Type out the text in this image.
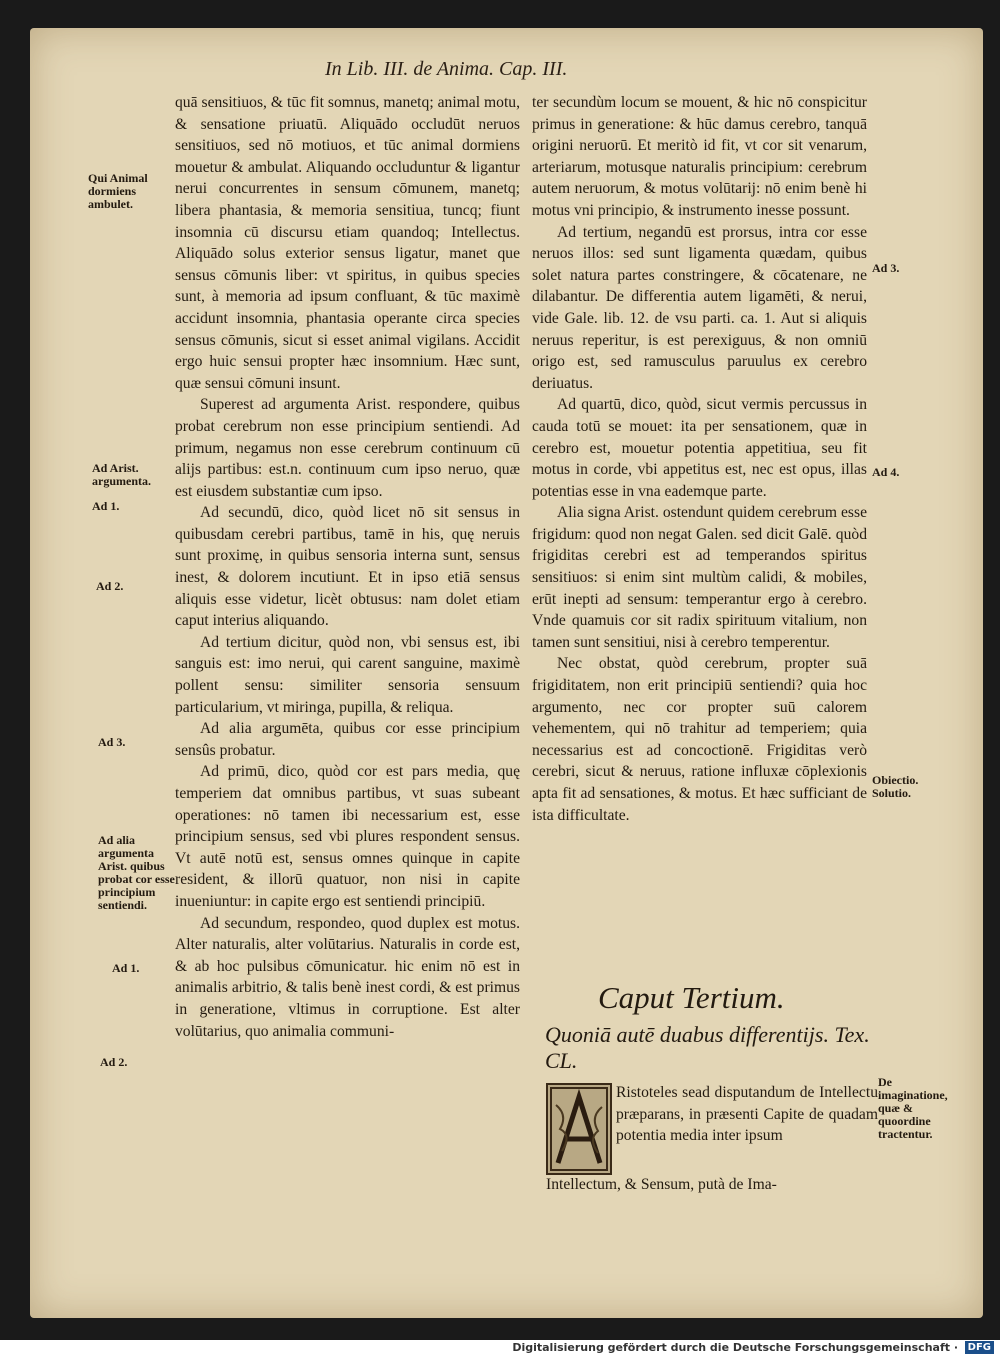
In Lib. III. de Anima. Cap. III.

quā sensitiuos, & tūc fit somnus, manetq; animal motu, & sensatione priuatū. Aliquādo occludūt neruos sensitiuos, sed nō motiuos, et tūc animal dormiens mouetur & ambulat. Aliquando occluduntur & ligantur nerui concurrentes in sensum cōmunem, manetq; libera phantasia, & memoria sensitiua, tuncq; fiunt insomnia cū discursu etiam quandoq; Intellectus. Aliquādo solus exterior sensus ligatur, manet que sensus cōmunis liber: vt spiritus, in quibus species sunt, à memoria ad ipsum confluant, & tūc maximè accidunt insomnia, phantasia operante circa species sensus cōmunis, sicut si esset animal vigilans. Accidit ergo huic sensui propter hæc insomnium. Hæc sunt, quæ sensui cōmuni insunt.

Superest ad argumenta Arist. respondere, quibus probat cerebrum non esse principium sentiendi. Ad primum, negamus non esse cerebrum continuum cū alijs partibus: est.n. continuum cum ipso neruo, quæ est eiusdem substantiæ cum ipso.

Ad secundū, dico, quòd licet nō sit sensus in quibusdam cerebri partibus, tamē in his, quę neruis sunt proximę, in quibus sensoria interna sunt, sensus inest, & dolorem incutiunt. Et in ipso etiā sensus aliquis esse videtur, licèt obtusus: nam dolet etiam caput interius aliquando.

Ad tertium dicitur, quòd non, vbi sensus est, ibi sanguis est: imo nerui, qui carent sanguine, maximè pollent sensu: similiter sensoria sensuum particularium, vt miringa, pupilla, & reliqua.

Ad alia argumēta, quibus cor esse principium sensûs probatur.

Ad primū, dico, quòd cor est pars media, quę temperiem dat omnibus partibus, vt suas subeant operationes: nō tamen ibi necessarium est, esse principium sensus, sed vbi plures respondent sensus. Vt autē notū est, sensus omnes quinque in capite resident, & illorū quatuor, non nisi in capite inueniuntur: in capite ergo est sentiendi principiū.

Ad secundum, respondeo, quod duplex est motus. Alter naturalis, alter volūtarius. Naturalis in corde est, & ab hoc pulsibus cōmunicatur. hic enim nō est in animalis arbitrio, & talis benè inest cordi, & est primus in generatione, vltimus in corruptione. Est alter volūtarius, quo animalia communi-

ter secundùm locum se mouent, & hic nō conspicitur primus in generatione: & hūc damus cerebro, tanquā origini neruorū. Et meritò id fit, vt cor sit venarum, arteriarum, motusque naturalis principium: cerebrum autem neruorum, & motus volūtarij: nō enim benè hi motus vni principio, & instrumento inesse possunt.

Ad tertium, negandū est prorsus, intra cor esse neruos illos: sed sunt ligamenta quædam, quibus solet natura partes constringere, & cōcatenare, ne dilabantur. De differentia autem ligamēti, & nerui, vide Gale. lib. 12. de vsu parti. ca. 1. Aut si aliquis neruus reperitur, is est perexiguus, & non omniū origo est, sed ramusculus paruulus ex cerebro deriuatus.

Ad quartū, dico, quòd, sicut vermis percussus in cauda totū se mouet: ita per sensationem, quæ in cerebro est, mouetur potentia appetitiua, seu fit motus in corde, vbi appetitus est, nec est opus, illas potentias esse in vna eademque parte.

Alia signa Arist. ostendunt quidem cerebrum esse frigidum: quod non negat Galen. sed dicit Galē. quòd frigiditas cerebri est ad temperandos spiritus sensitiuos: si enim sint multùm calidi, & mobiles, erūt inepti ad sensum: temperantur ergo à cerebro. Vnde quamuis cor sit radix spirituum vitalium, non tamen sunt sensitiui, nisi à cerebro temperentur.

Nec obstat, quòd cerebrum, propter suā frigiditatem, non erit principiū sentiendi? quia hoc argumento, nec cor propter suū calorem vehementem, qui nō trahitur ad temperiem; quia necessarius est ad concoctionē. Frigiditas verò cerebri, sicut & neruus, ratione influxæ cōplexionis apta fit ad sensationes, & motus. Et hæc sufficiant de ista difficultate.

Qui Animal dormiens ambulet.
Ad Arist. argumenta.
Ad 1.
Ad 2.
Ad 3.
Ad alia argumenta Arist. quibus probat cor esse principium sentiendi.
Ad 1.
Ad 2.
Ad 3.
Ad 4.
Obiectio. Solutio.
De imaginatione, quæ & quoordine tractentur.
Caput Tertium.
Quoniā autē duabus differentijs. Tex. CL.
Ristoteles sead disputandum de Intellectu præparans, in præsenti Capite de quadam potentia media inter ipsum
Intellectum, & Sensum, putà de Ima-
Digitalisierung gefördert durch die Deutsche Forschungsgemeinschaft · DFG
